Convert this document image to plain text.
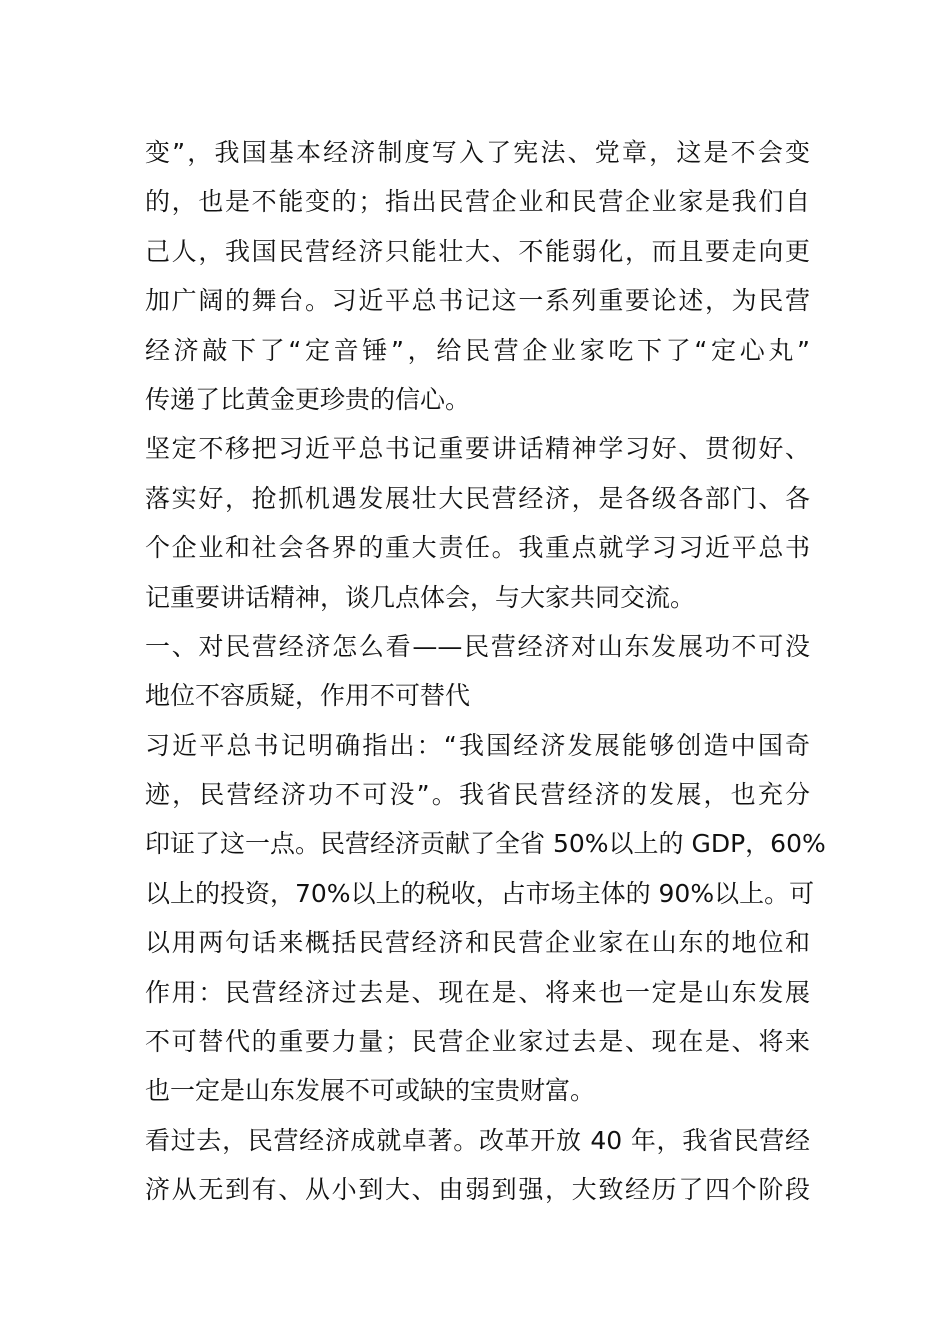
变”，我国基本经济制度写入了宪法、党章，这是不会变
的，也是不能变的；指出民营企业和民营企业家是我们自
己人，我国民营经济只能壮大、不能弱化，而且要走向更
加广阔的舞台。习近平总书记这一系列重要论述，为民营
经济敲下了“定音锤”，给民营企业家吃下了“定心丸”
传递了比黄金更珍贵的信心。
坚定不移把习近平总书记重要讲话精神学习好、贯彻好、
落实好，抢抓机遇发展壮大民营经济，是各级各部门、各
个企业和社会各界的重大责任。我重点就学习习近平总书
记重要讲话精神，谈几点体会，与大家共同交流。
一、对民营经济怎么看——民营经济对山东发展功不可没
地位不容质疑，作用不可替代
习近平总书记明确指出：“我国经济发展能够创造中国奇
迹，民营经济功不可没”。我省民营经济的发展，也充分
印证了这一点。民营经济贡献了全省 50%以上的 GDP，60%
以上的投资，70%以上的税收，占市场主体的 90%以上。可
以用两句话来概括民营经济和民营企业家在山东的地位和
作用：民营经济过去是、现在是、将来也一定是山东发展
不可替代的重要力量；民营企业家过去是、现在是、将来
也一定是山东发展不可或缺的宝贵财富。
看过去，民营经济成就卓著。改革开放 40 年，我省民营经
济从无到有、从小到大、由弱到强，大致经历了四个阶段
